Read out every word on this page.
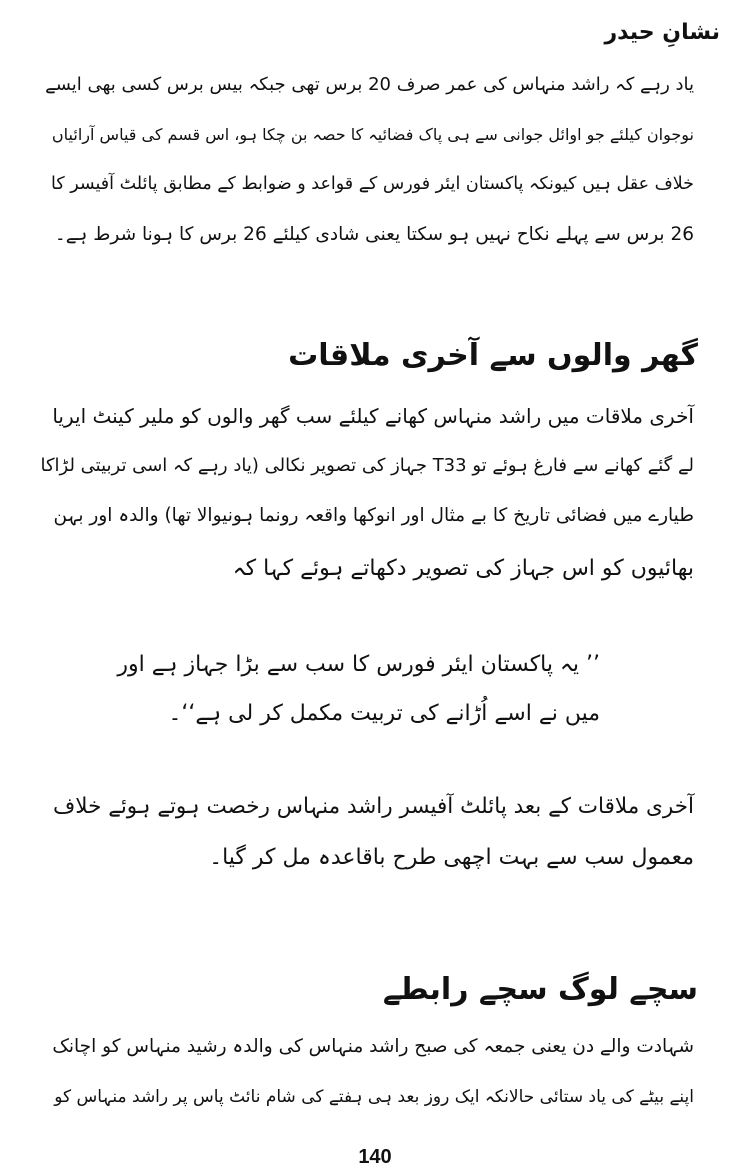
نشانِ حیدر
یاد رہے کہ راشد منہاس کی عمر صرف 20 برس تھی جبکہ بیس برس کسی بھی ایسے
نوجوان کیلئے جو اوائل جوانی سے ہی پاک فضائیہ کا حصہ بن چکا ہو، اس قسم کی قیاس آرائیاں
خلاف عقل ہیں کیونکہ پاکستان ایئر فورس کے قواعد و ضوابط کے مطابق پائلٹ آفیسر کا
26 برس سے پہلے نکاح نہیں ہو سکتا یعنی شادی کیلئے 26 برس کا ہونا شرط ہے۔
گھر والوں سے آخری ملاقات
آخری ملاقات میں راشد منہاس کھانے کیلئے سب گھر والوں کو ملیر کینٹ ایریا
لے گئے کھانے سے فارغ ہوئے تو T33 جہاز کی تصویر نکالی (یاد رہے کہ اسی تربیتی لڑاکا
طیارے میں فضائی تاریخ کا بے مثال اور انوکھا واقعہ رونما ہونیوالا تھا) والدہ اور بہن
بھائیوں کو اس جہاز کی تصویر دکھاتے ہوئے کہا کہ
’’ یہ پاکستان ایئر فورس کا سب سے بڑا جہاز ہے اور
میں نے اسے اُڑانے کی تربیت مکمل کر لی ہے‘‘۔
آخری ملاقات کے بعد پائلٹ آفیسر راشد منہاس رخصت ہوتے ہوئے خلاف
معمول سب سے بہت اچھی طرح باقاعدہ مل کر گیا۔
سچے لوگ سچے رابطے
شہادت والے دن یعنی جمعہ کی صبح راشد منہاس کی والدہ رشید منہاس کو اچانک
اپنے بیٹے کی یاد ستائی حالانکہ ایک روز بعد ہی ہفتے کی شام نائٹ پاس پر راشد منہاس کو
140
